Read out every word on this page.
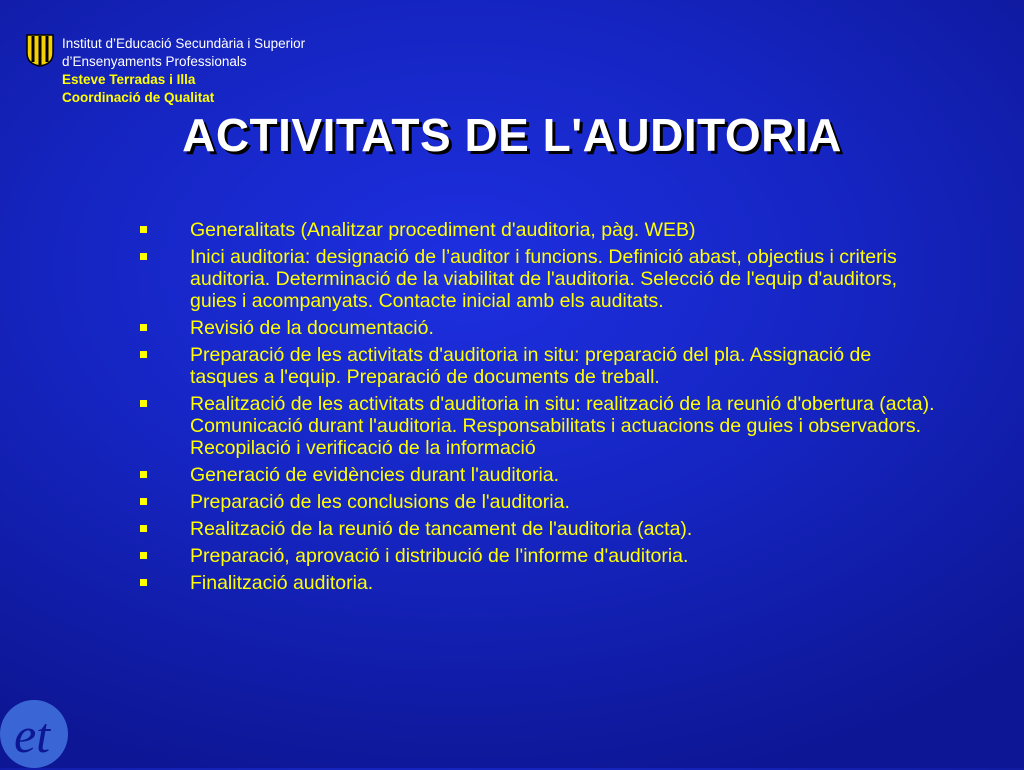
Institut d’Educació Secundària i Superior
d’Ensenyaments Professionals
Esteve Terradas i Illa
Coordinació de Qualitat
ACTIVITATS DE L'AUDITORIA
Generalitats (Analitzar procediment d'auditoria, pàg. WEB)
Inici auditoria: designació de l’auditor i funcions. Definició abast, objectius i criteris auditoria. Determinació de la viabilitat de l'auditoria. Selecció de l'equip d'auditors, guies i acompanyats. Contacte inicial amb els auditats.
Revisió de la documentació.
Preparació de les activitats d'auditoria in situ: preparació del pla. Assignació de tasques a l'equip. Preparació de documents de treball.
Realització de les activitats d'auditoria in situ: realització de la reunió d'obertura (acta). Comunicació durant l'auditoria. Responsabilitats i actuacions de guies i observadors. Recopilació i verificació de la informació
Generació de evidències durant l'auditoria.
Preparació de les conclusions de l'auditoria.
Realització de la reunió de tancament de l'auditoria (acta).
Preparació, aprovació i distribució de l'informe d'auditoria.
Finalització auditoria.
et
